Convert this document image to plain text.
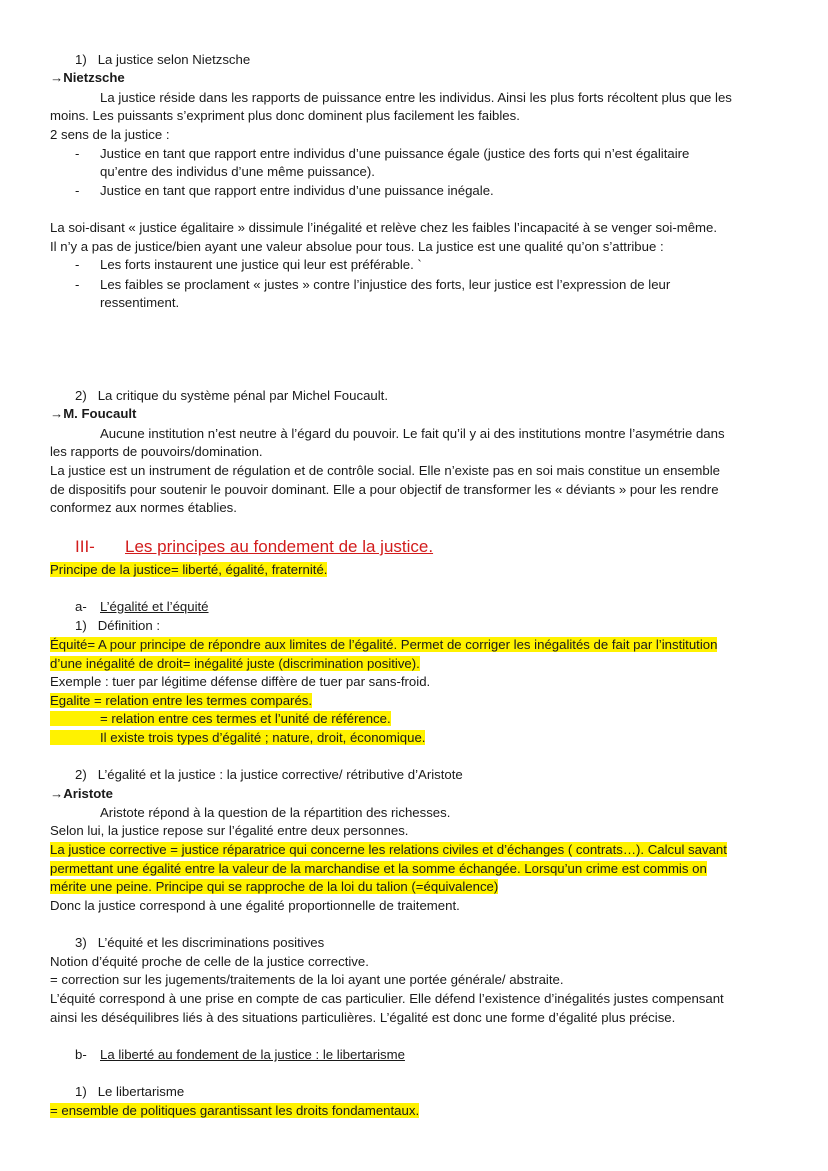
1)   La justice selon Nietzsche
→Nietzsche
La justice réside dans les rapports de puissance entre les individus. Ainsi les plus forts récoltent plus que les
moins. Les puissants s’expriment plus donc dominent plus facilement les faibles.
2 sens de la justice :
- Justice en tant que rapport entre individus d’une puissance égale (justice des forts qui n’est égalitaire
qu’entre des individus d’une même puissance).
- Justice en tant que rapport entre individus d’une puissance inégale.
La soi-disant « justice égalitaire » dissimule l’inégalité et relève chez les faibles l’incapacité à se venger soi-même.
Il n’y a pas de justice/bien ayant une valeur absolue pour tous. La justice est une qualité qu’on s’attribue :
- Les forts instaurent une justice qui leur est préférable. `
- Les faibles se proclament « justes » contre l’injustice des forts, leur justice est l’expression de leur
ressentiment.
2)   La critique du système pénal par Michel Foucault.
→M. Foucault
Aucune institution n’est neutre à l’égard du pouvoir. Le fait qu’il y ai des institutions montre l’asymétrie dans
les rapports de pouvoirs/domination.
La justice est un instrument de régulation et de contrôle social. Elle n’existe pas en soi mais constitue un ensemble
de dispositifs pour soutenir le pouvoir dominant. Elle a pour objectif de transformer les « déviants » pour les rendre
conformez aux normes établies.
III- Les principes au fondement de la justice.
Principe de la justice= liberté, égalité, fraternité.
a- L’égalité et l’équité
1)   Définition :
Équité= A pour principe de répondre aux limites de l’égalité. Permet de corriger les inégalités de fait par l’institution
d’une inégalité de droit= inégalité juste (discrimination positive).
Exemple : tuer par légitime défense diffère de tuer par sans-froid.
Egalite = relation entre les termes comparés.
= relation entre ces termes et l’unité de référence.
Il existe trois types d’égalité ; nature, droit, économique.
2)   L’égalité et la justice : la justice corrective/ rétributive d’Aristote
→Aristote
Aristote répond à la question de la répartition des richesses.
Selon lui, la justice repose sur l’égalité entre deux personnes.
La justice corrective = justice réparatrice qui concerne les relations civiles et d’échanges ( contrats…). Calcul savant
permettant une égalité entre la valeur de la marchandise et la somme échangée. Lorsqu’un crime est commis on
mérite une peine. Principe qui se rapproche de la loi du talion (=équivalence)
Donc la justice correspond à une égalité proportionnelle de traitement.
3)   L’équité et les discriminations positives
Notion d’équité proche de celle de la justice corrective.
= correction sur les jugements/traitements de la loi ayant une portée générale/ abstraite.
L’équité correspond à une prise en compte de cas particulier. Elle défend l’existence d’inégalités justes compensant
ainsi les déséquilibres liés à des situations particulières. L’égalité est donc une forme d’égalité plus précise.
b- La liberté au fondement de la justice : le libertarisme
1)   Le libertarisme
= ensemble de politiques garantissant les droits fondamentaux.
